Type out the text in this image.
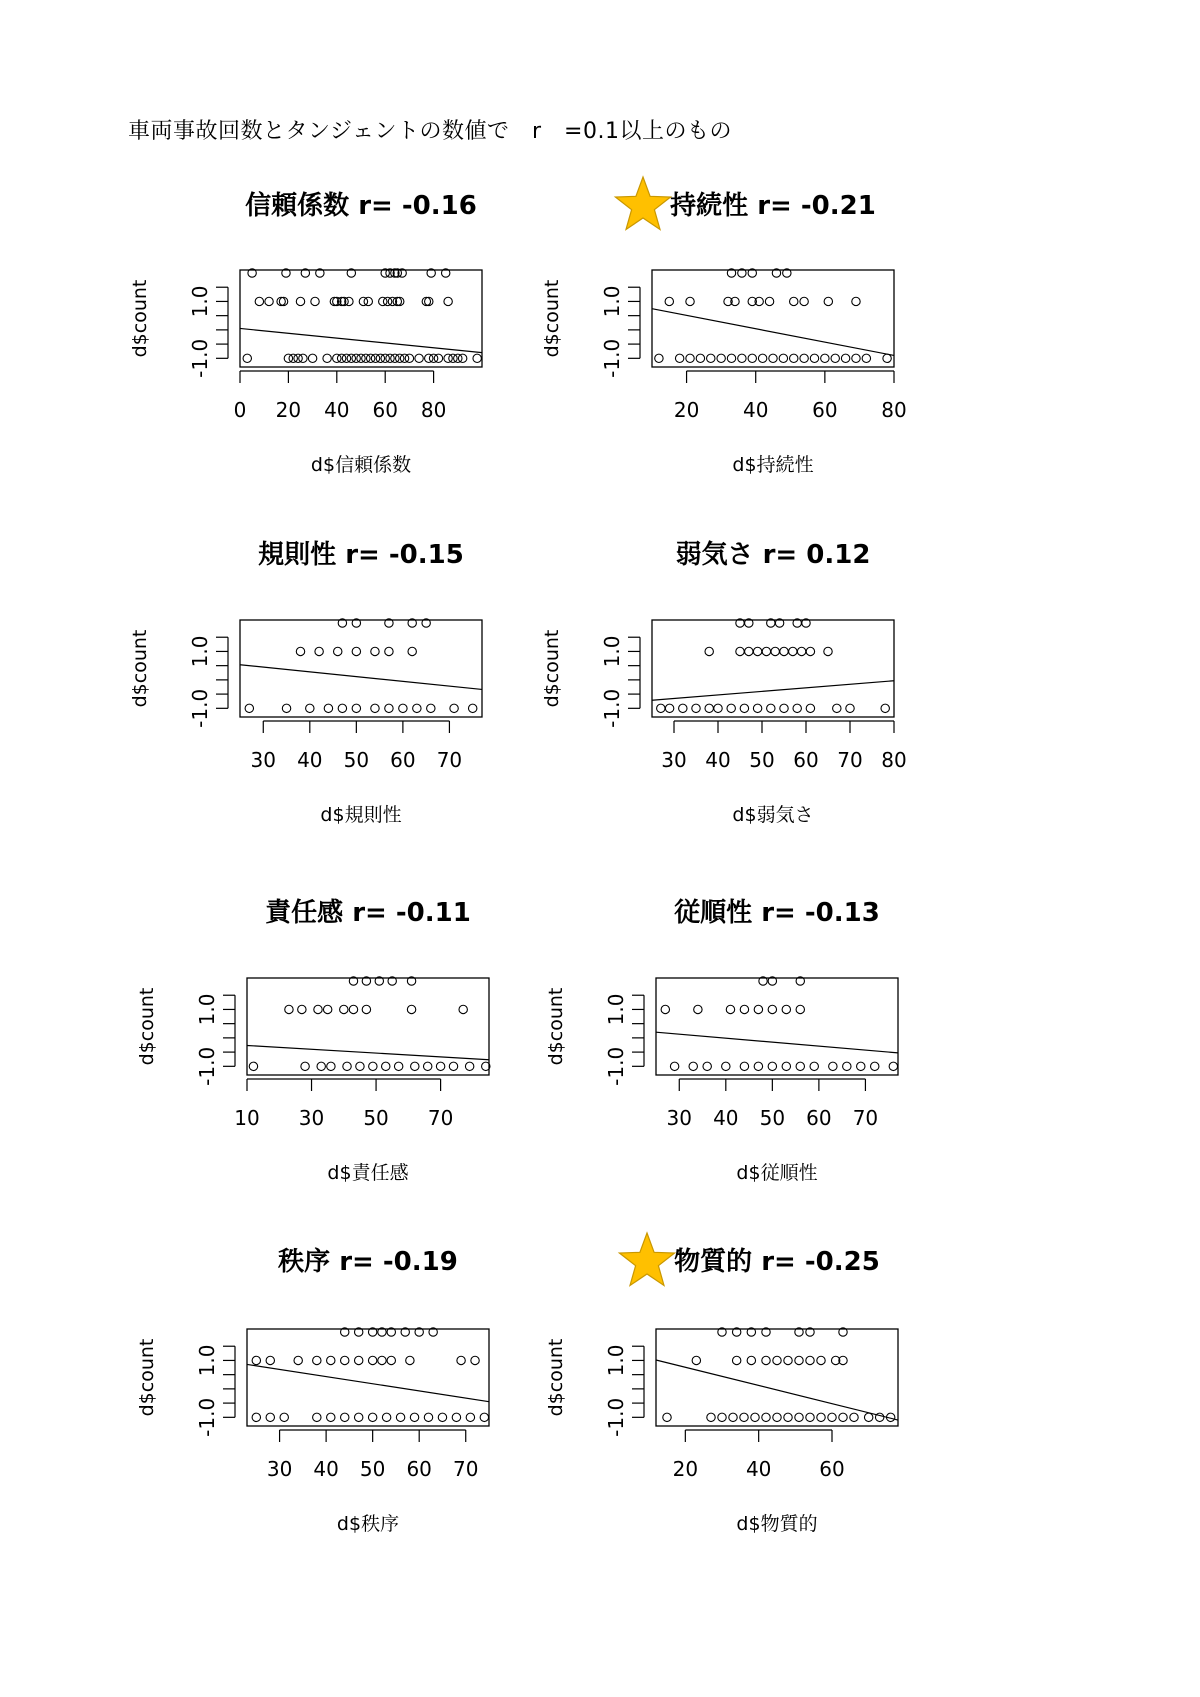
車両事故回数とタンジェントの数値で　r　=0.1以上のもの
信頼係数 r= -0.16
-1.0
1.0
d$count
0 20 40 60 80
d$信頼係数
持続性 r= -0.21
-1.0
1.0
d$count
20 40 60 80
d$持続性
規則性 r= -0.15
-1.0
1.0
d$count
30 40 50 60 70
d$規則性
弱気さ r= 0.12
-1.0
1.0
d$count
30 40 50 60 70 80
d$弱気さ
責任感 r= -0.11
-1.0
1.0
d$count
10 30 50 70
d$責任感
従順性 r= -0.13
-1.0
1.0
d$count
30 40 50 60 70
d$従順性
秩序 r= -0.19
-1.0
1.0
d$count
30 40 50 60 70
d$秩序
物質的 r= -0.25
-1.0
1.0
d$count
20 40 60
d$物質的
